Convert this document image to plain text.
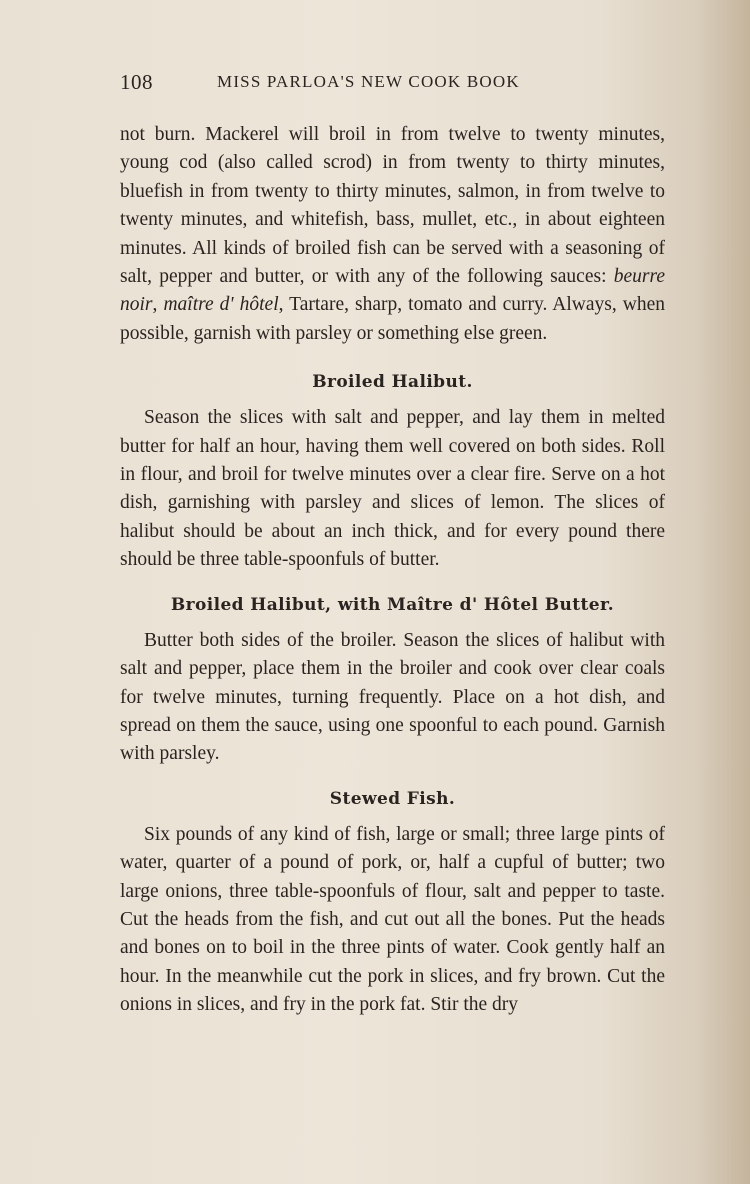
108	MISS PARLOA'S NEW COOK BOOK

not burn. Mackerel will broil in from twelve to twenty minutes, young cod (also called scrod) in from twenty to thirty minutes, bluefish in from twenty to thirty minutes, salmon, in from twelve to twenty minutes, and whitefish, bass, mullet, etc., in about eighteen minutes. All kinds of broiled fish can be served with a seasoning of salt, pepper and butter, or with any of the following sauces: beurre noir, maître d' hôtel, Tartare, sharp, tomato and curry. Always, when possible, garnish with parsley or something else green.

Broiled Halibut.

Season the slices with salt and pepper, and lay them in melted butter for half an hour, having them well covered on both sides. Roll in flour, and broil for twelve minutes over a clear fire. Serve on a hot dish, garnishing with parsley and slices of lemon. The slices of halibut should be about an inch thick, and for every pound there should be three table-spoonfuls of butter.

Broiled Halibut, with Maître d' Hôtel Butter.

Butter both sides of the broiler. Season the slices of halibut with salt and pepper, place them in the broiler and cook over clear coals for twelve minutes, turning frequently. Place on a hot dish, and spread on them the sauce, using one spoonful to each pound. Garnish with parsley.

Stewed Fish.

Six pounds of any kind of fish, large or small; three large pints of water, quarter of a pound of pork, or, half a cupful of butter; two large onions, three table-spoonfuls of flour, salt and pepper to taste. Cut the heads from the fish, and cut out all the bones. Put the heads and bones on to boil in the three pints of water. Cook gently half an hour. In the meanwhile cut the pork in slices, and fry brown. Cut the onions in slices, and fry in the pork fat. Stir the dry
